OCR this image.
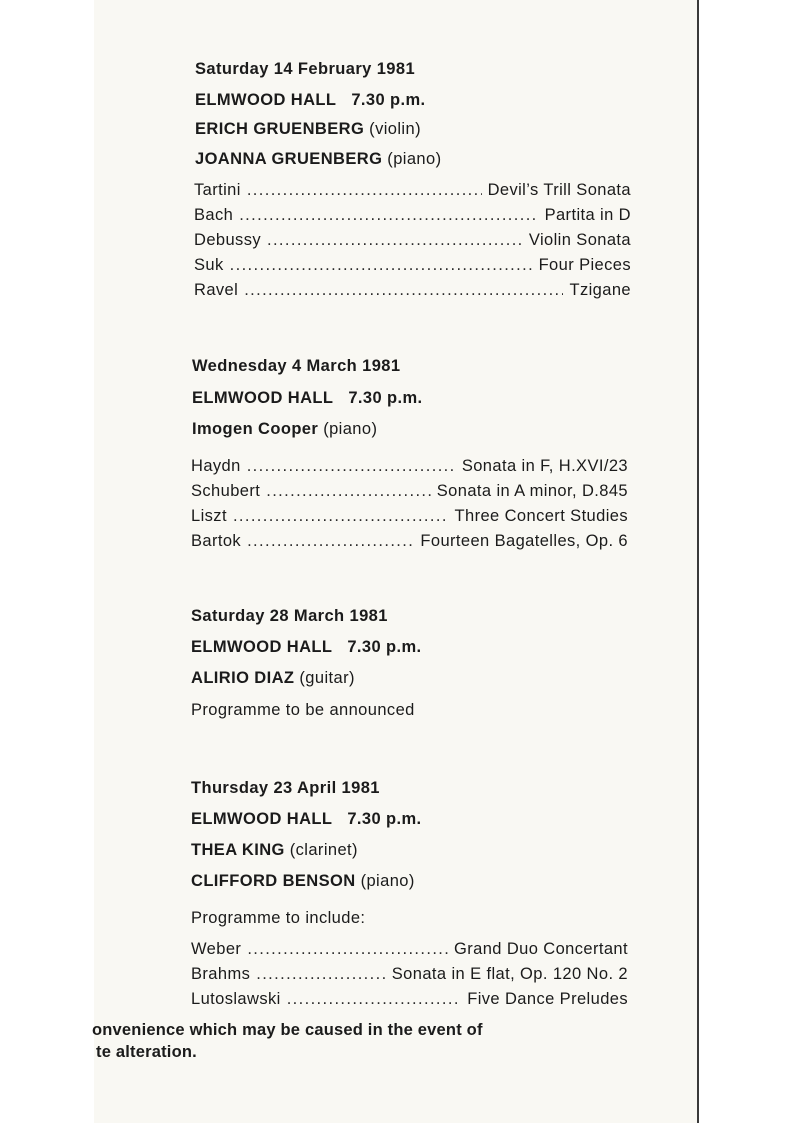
Saturday 14 February 1981
ELMWOOD HALL 7.30 p.m.
ERICH GRUENBERG (violin)
JOANNA GRUENBERG (piano)
Tartini . . .	Devil’s Trill Sonata
Bach . . .	Partita in D
Debussy . . .	Violin Sonata
Suk . . .	Four Pieces
Ravel . . .	Tzigane
Wednesday 4 March 1981
ELMWOOD HALL 7.30 p.m.
Imogen Cooper (piano)
Haydn . . .	Sonata in F, H.XVI/23
Schubert . . .	Sonata in A minor, D.845
Liszt . . .	Three Concert Studies
Bartok . . .	Fourteen Bagatelles, Op. 6
Saturday 28 March 1981
ELMWOOD HALL 7.30 p.m.
ALIRIO DIAZ (guitar)
Programme to be announced
Thursday 23 April 1981
ELMWOOD HALL 7.30 p.m.
THEA KING (clarinet)
CLIFFORD BENSON (piano)
Programme to include:
Weber . . .	Grand Duo Concertant
Brahms . . .	Sonata in E flat, Op. 120 No. 2
Lutoslawski . . .	Five Dance Preludes
onvenience which may be caused in the event of
te alteration.
